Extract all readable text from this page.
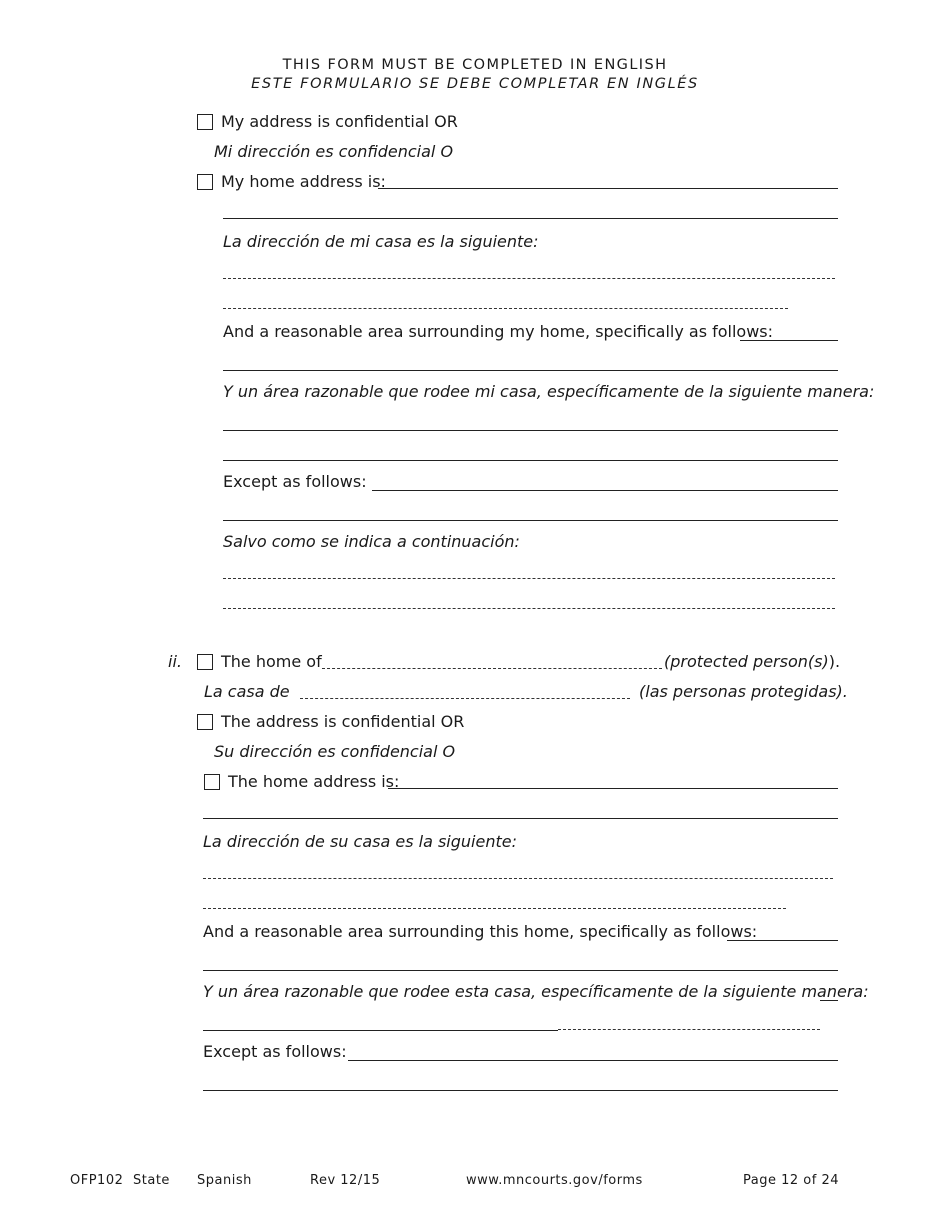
THIS FORM MUST BE COMPLETED IN ENGLISH
ESTE FORMULARIO SE DEBE COMPLETAR EN INGLÉS
My address is confidential OR
Mi dirección es confidencial O
My home address is:
La dirección de mi casa es la siguiente:
And a reasonable area surrounding my home, specifically as follows:
Y un área razonable que rodee mi casa, específicamente de la siguiente manera:
Except as follows:
Salvo como se indica a continuación:
ii. The home of	(protected person(s)).
La casa de	(las personas protegidas).
The address is confidential OR
Su dirección es confidencial O
The home address is:
La dirección de su casa es la siguiente:
And a reasonable area surrounding this home, specifically as follows:
Y un área razonable que rodee esta casa, específicamente de la siguiente manera:
Except as follows:
OFP102 State Spanish	Rev 12/15	www.mncourts.gov/forms	Page 12 of 24
